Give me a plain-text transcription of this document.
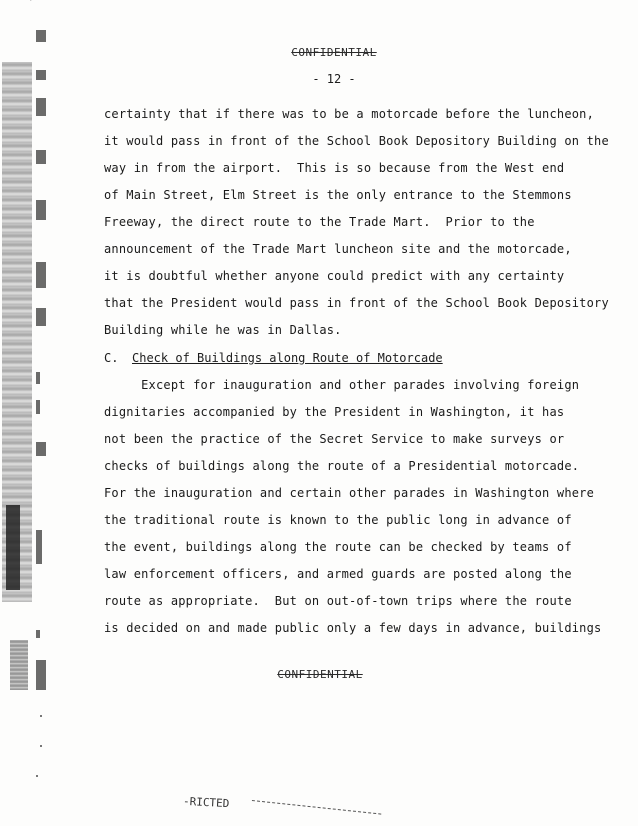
CONFIDENTIAL
- 12 -
certainty that if there was to be a motorcade before the luncheon,
it would pass in front of the School Book Depository Building on the
way in from the airport.  This is so because from the West end
of Main Street, Elm Street is the only entrance to the Stemmons
Freeway, the direct route to the Trade Mart.  Prior to the
announcement of the Trade Mart luncheon site and the motorcade,
it is doubtful whether anyone could predict with any certainty
that the President would pass in front of the School Book Depository
Building while he was in Dallas.
C. Check of Buildings along Route of Motorcade
Except for inauguration and other parades involving foreign
dignitaries accompanied by the President in Washington, it has
not been the practice of the Secret Service to make surveys or
checks of buildings along the route of a Presidential motorcade.
For the inauguration and certain other parades in Washington where
the traditional route is known to the public long in advance of
the event, buildings along the route can be checked by teams of
law enforcement officers, and armed guards are posted along the
route as appropriate.  But on out-of-town trips where the route
is decided on and made public only a few days in advance, buildings
CONFIDENTIAL
-RICTED
